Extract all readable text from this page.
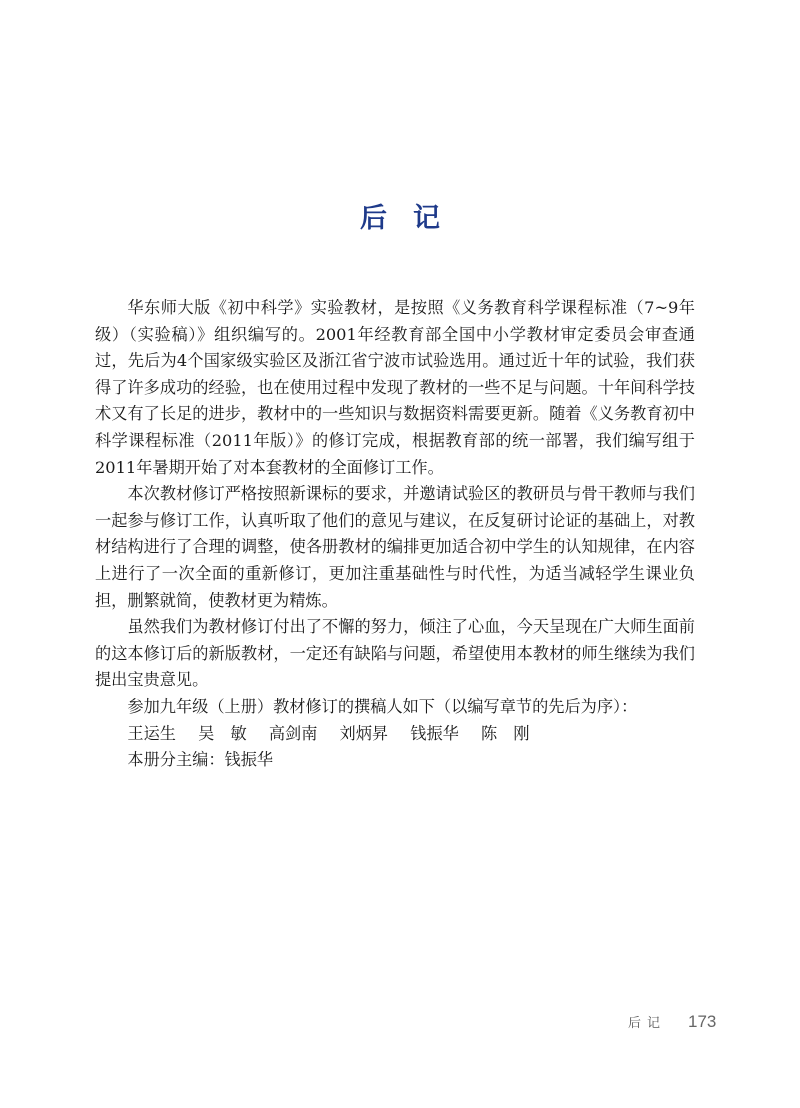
后记

华东师大版《初中科学》实验教材，是按照《义务教育科学课程标准（7~9年级）（实验稿）》组织编写的。2001年经教育部全国中小学教材审定委员会审查通过，先后为4个国家级实验区及浙江省宁波市试验选用。通过近十年的试验，我们获得了许多成功的经验，也在使用过程中发现了教材的一些不足与问题。十年间科学技术又有了长足的进步，教材中的一些知识与数据资料需要更新。随着《义务教育初中科学课程标准（2011年版）》的修订完成，根据教育部的统一部署，我们编写组于2011年暑期开始了对本套教材的全面修订工作。

本次教材修订严格按照新课标的要求，并邀请试验区的教研员与骨干教师与我们一起参与修订工作，认真听取了他们的意见与建议，在反复研讨论证的基础上，对教材结构进行了合理的调整，使各册教材的编排更加适合初中学生的认知规律，在内容上进行了一次全面的重新修订，更加注重基础性与时代性，为适当减轻学生课业负担，删繁就简，使教材更为精炼。

虽然我们为教材修订付出了不懈的努力，倾注了心血，今天呈现在广大师生面前的这本修订后的新版教材，一定还有缺陷与问题，希望使用本教材的师生继续为我们提出宝贵意见。

参加九年级（上册）教材修订的撰稿人如下（以编写章节的先后为序）：
王运生 吴　敏 高剑南 刘炳昇 钱振华 陈　刚
本册分主编：钱振华
后记 173
